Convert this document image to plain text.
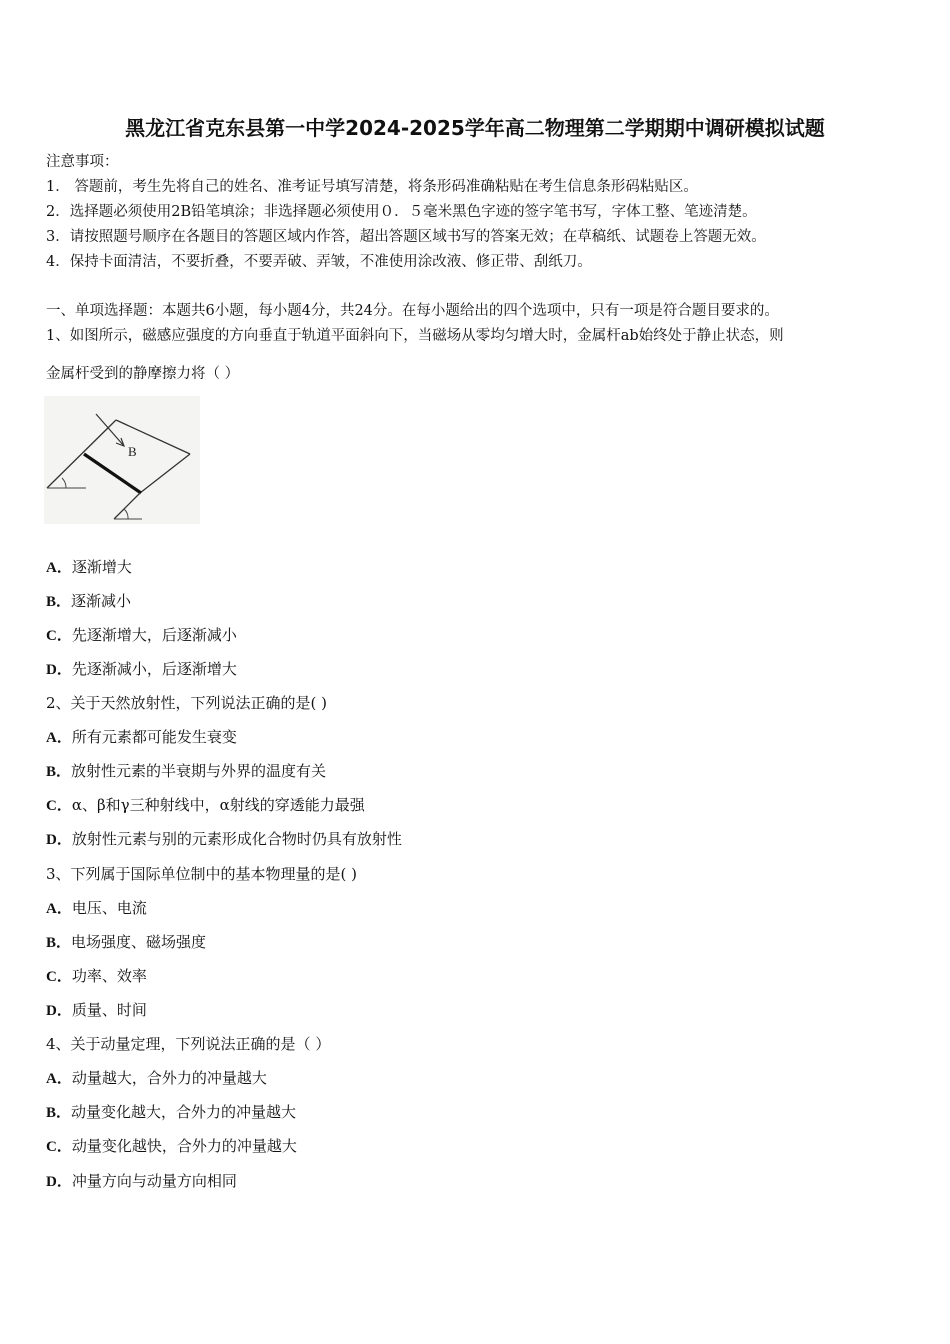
黑龙江省克东县第一中学2024-2025学年高二物理第二学期期中调研模拟试题
注意事项：
1． 答题前，考生先将自己的姓名、准考证号填写清楚，将条形码准确粘贴在考生信息条形码粘贴区。
2．选择题必须使用2B铅笔填涂；非选择题必须使用０．５毫米黑色字迹的签字笔书写，字体工整、笔迹清楚。
3．请按照题号顺序在各题目的答题区域内作答，超出答题区域书写的答案无效；在草稿纸、试题卷上答题无效。
4．保持卡面清洁，不要折叠，不要弄破、弄皱，不准使用涂改液、修正带、刮纸刀。
一、单项选择题：本题共6小题，每小题4分，共24分。在每小题给出的四个选项中，只有一项是符合题目要求的。
1、如图所示，磁感应强度的方向垂直于轨道平面斜向下，当磁场从零均匀增大时，金属杆ab始终处于静止状态，则
金属杆受到的静摩擦力将（ ）
B
A．逐渐增大
B．逐渐减小
C．先逐渐增大，后逐渐减小
D．先逐渐减小，后逐渐增大
2、关于天然放射性，下列说法正确的是( )
A．所有元素都可能发生衰变
B．放射性元素的半衰期与外界的温度有关
C．α、β和γ三种射线中，α射线的穿透能力最强
D．放射性元素与别的元素形成化合物时仍具有放射性
3、下列属于国际单位制中的基本物理量的是( )
A．电压、电流
B．电场强度、磁场强度
C．功率、效率
D．质量、时间
4、关于动量定理，下列说法正确的是（ ）
A．动量越大，合外力的冲量越大
B．动量变化越大，合外力的冲量越大
C．动量变化越快，合外力的冲量越大
D．冲量方向与动量方向相同
